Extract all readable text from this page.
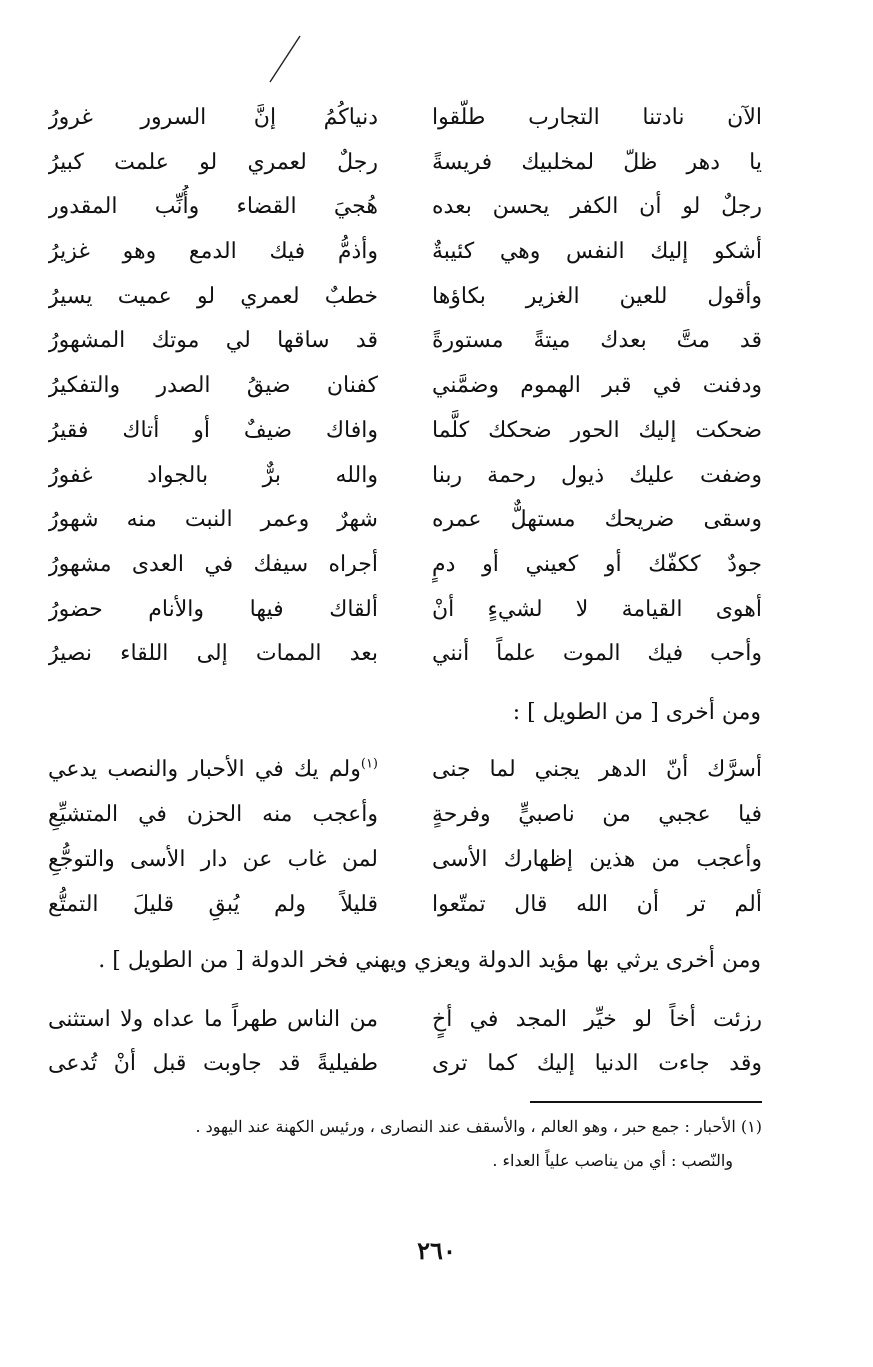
الآن نادتنا التجارب طلّقوا
دنياكُمُ إنَّ السرور غرورُ
يا دهر ظلّ لمخلبيك فريسةً
رجلٌ لعمري لو علمت كبيرُ
رجلٌ لو أن الكفر يحسن بعده
هُجيَ القضاء وأُنِّب المقدور
أشكو إليك النفس وهي كئيبةٌ
وأذمُّ فيك الدمع وهو غزيرُ
وأقول للعين الغزير بكاؤها
خطبٌ لعمري لو عميت يسيرُ
قد متَّ بعدك ميتةً مستورةً
قد ساقها لي موتك المشهورُ
ودفنت في قبر الهموم وضمَّني
كفنان ضيقُ الصدر والتفكيرُ
ضحكت إليك الحور ضحكك كلَّما
وافاك ضيفٌ أو أتاك فقيرُ
وضفت عليك ذيول رحمة ربنا
والله برٌّ بالجواد غفورُ
وسقى ضريحك مستهلٌّ عمره
شهرٌ وعمر النبت منه شهورُ
جودٌ ككفّك أو كعيني أو دمٍ
أجراه سيفك في العدى مشهورُ
أهوى القيامة لا لشيءٍ أنْ
ألقاك فيها والأنام حضورُ
وأحب فيك الموت علماً أنني
بعد الممات إلى اللقاء نصيرُ
ومن أخرى [ من الطويل ] :
أسرَّك أنّ الدهر يجني لما جنى
$^{(١)}$ولم يك في الأحبار والنصب يدعي
فيا عجبي من ناصبيٍّ وفرحةٍ
وأعجب منه الحزن في المتشيِّعِ
وأعجب من هذين إظهارك الأسى
لمن غاب عن دار الأسى والتوجُّعِ
ألم تر أن الله قال تمتّعوا
قليلاً ولم يُبقِ قليلَ التمتُّع
ومن أخرى يرثي بها مؤيد الدولة ويعزي ويهني فخر الدولة [ من الطويل ] .
رزئت أخاً لو خيِّر المجد في أخٍ
من الناس طهراً ما عداه ولا استثنى
وقد جاءت الدنيا إليك كما ترى
طفيليةً قد جاوبت قبل أنْ تُدعى
(١) الأحبار : جمع حبر ، وهو العالم ، والأسقف عند النصارى ، ورئيس الكهنة عند اليهود .
والنّصب : أي من يناصب علياً العداء .
٢٦٠
